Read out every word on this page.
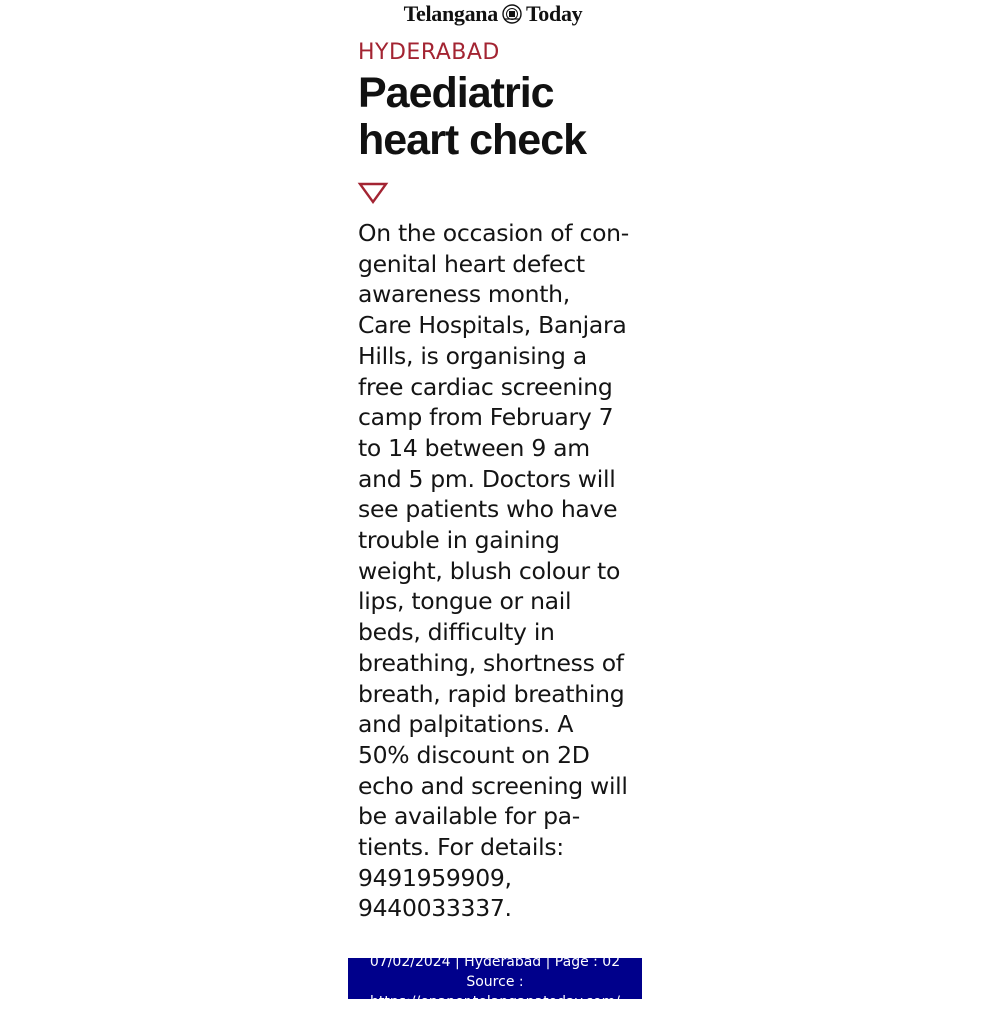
Telangana Today
HYDERABAD
Paediatric
heart check
On the occasion of con-
genital heart defect
awareness month,
Care Hospitals, Banjara
Hills, is organising a
free cardiac screening
camp from February 7
to 14 between 9 am
and 5 pm. Doctors will
see patients who have
trouble in gaining
weight, blush colour to
lips, tongue or nail
beds, difficulty in
breathing, shortness of
breath, rapid breathing
and palpitations. A
50% discount on 2D
echo and screening will
be available for pa-
tients. For details:
9491959909,
9440033337.
07/02/2024 | Hyderabad | Page : 02
Source :
https://epaper.telanganatoday.com/
